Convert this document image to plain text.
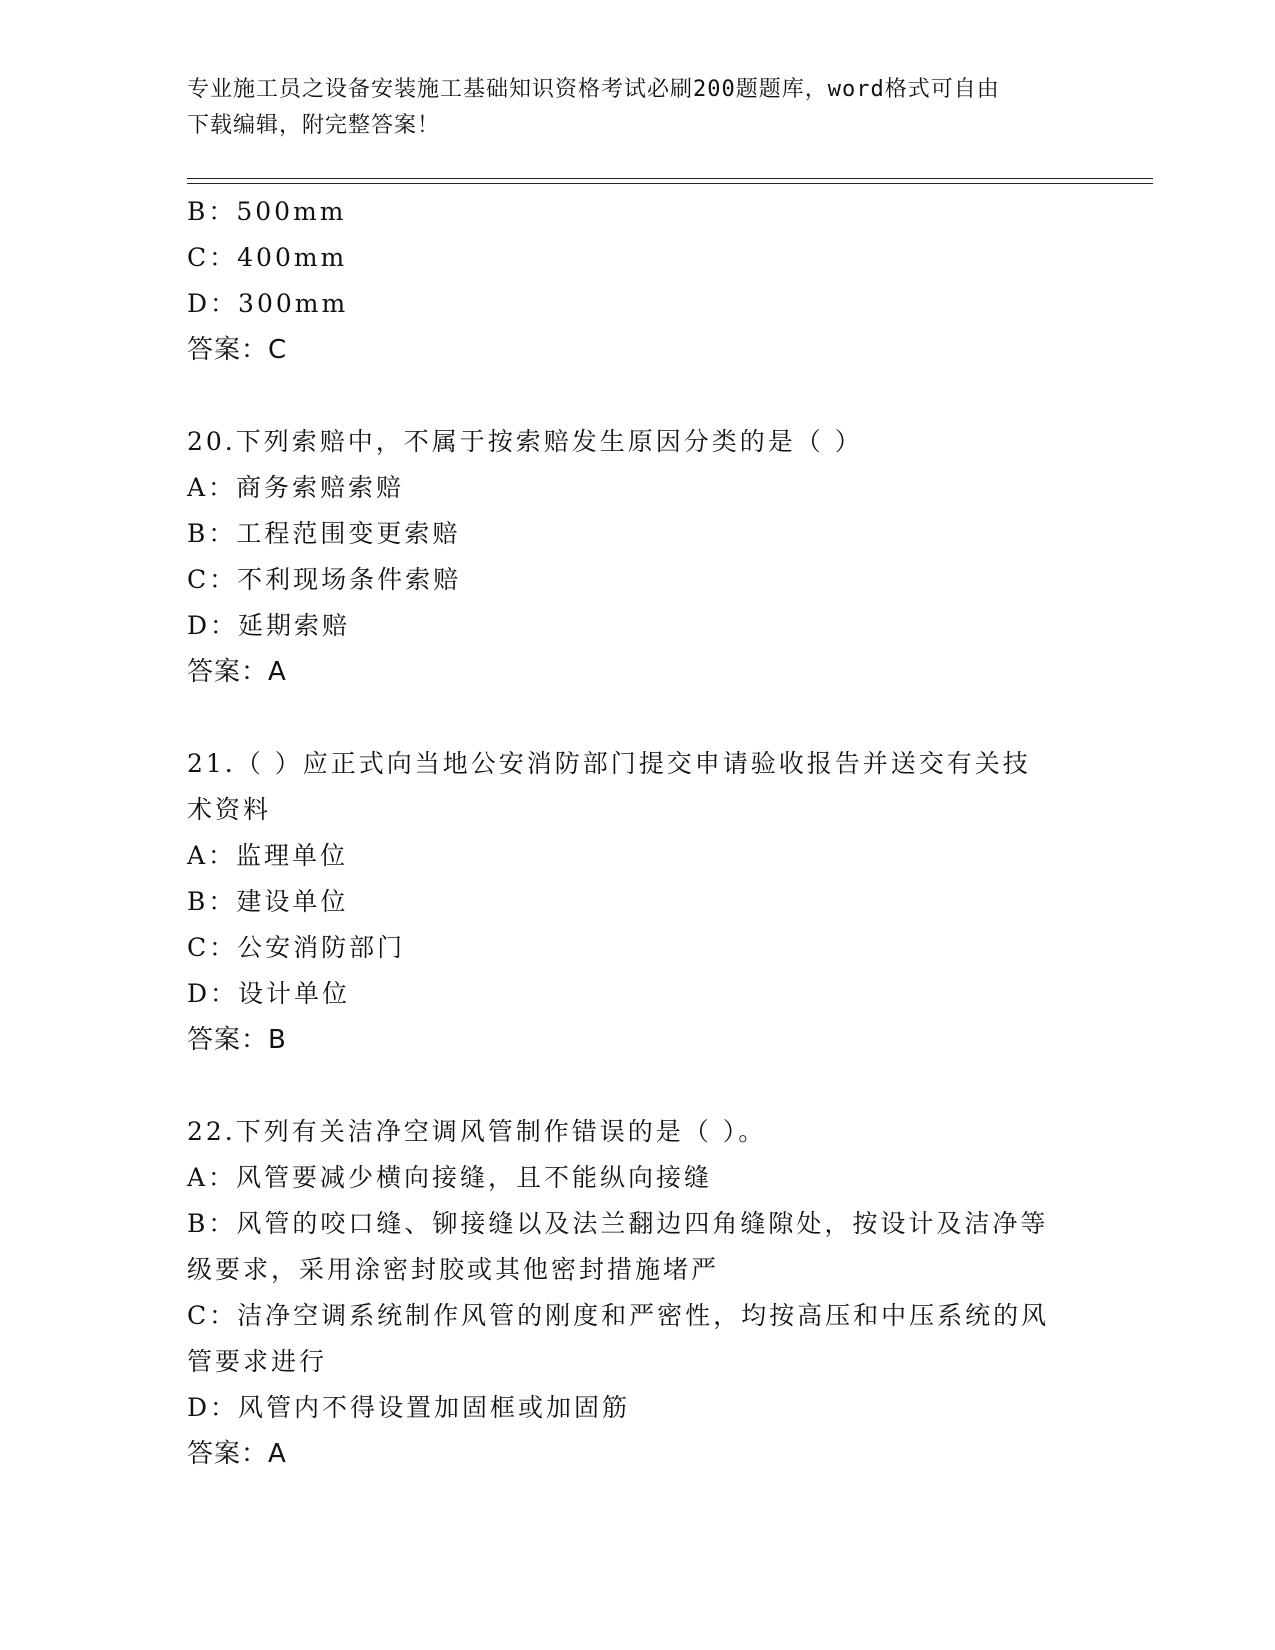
专业施工员之设备安装施工基础知识资格考试必刷200题题库，word格式可自由
下载编辑，附完整答案！
B：500mm
C：400mm
D：300mm
答案：C
20.下列索赔中，不属于按索赔发生原因分类的是（ ）
A：商务索赔索赔
B：工程范围变更索赔
C：不利现场条件索赔
D：延期索赔
答案：A
21.（ ）应正式向当地公安消防部门提交申请验收报告并送交有关技
术资料
A：监理单位
B：建设单位
C：公安消防部门
D：设计单位
答案：B
22.下列有关洁净空调风管制作错误的是（ ）。
A：风管要减少横向接缝，且不能纵向接缝
B：风管的咬口缝、铆接缝以及法兰翻边四角缝隙处，按设计及洁净等
级要求，采用涂密封胶或其他密封措施堵严
C：洁净空调系统制作风管的刚度和严密性，均按高压和中压系统的风
管要求进行
D：风管内不得设置加固框或加固筋
答案：A
